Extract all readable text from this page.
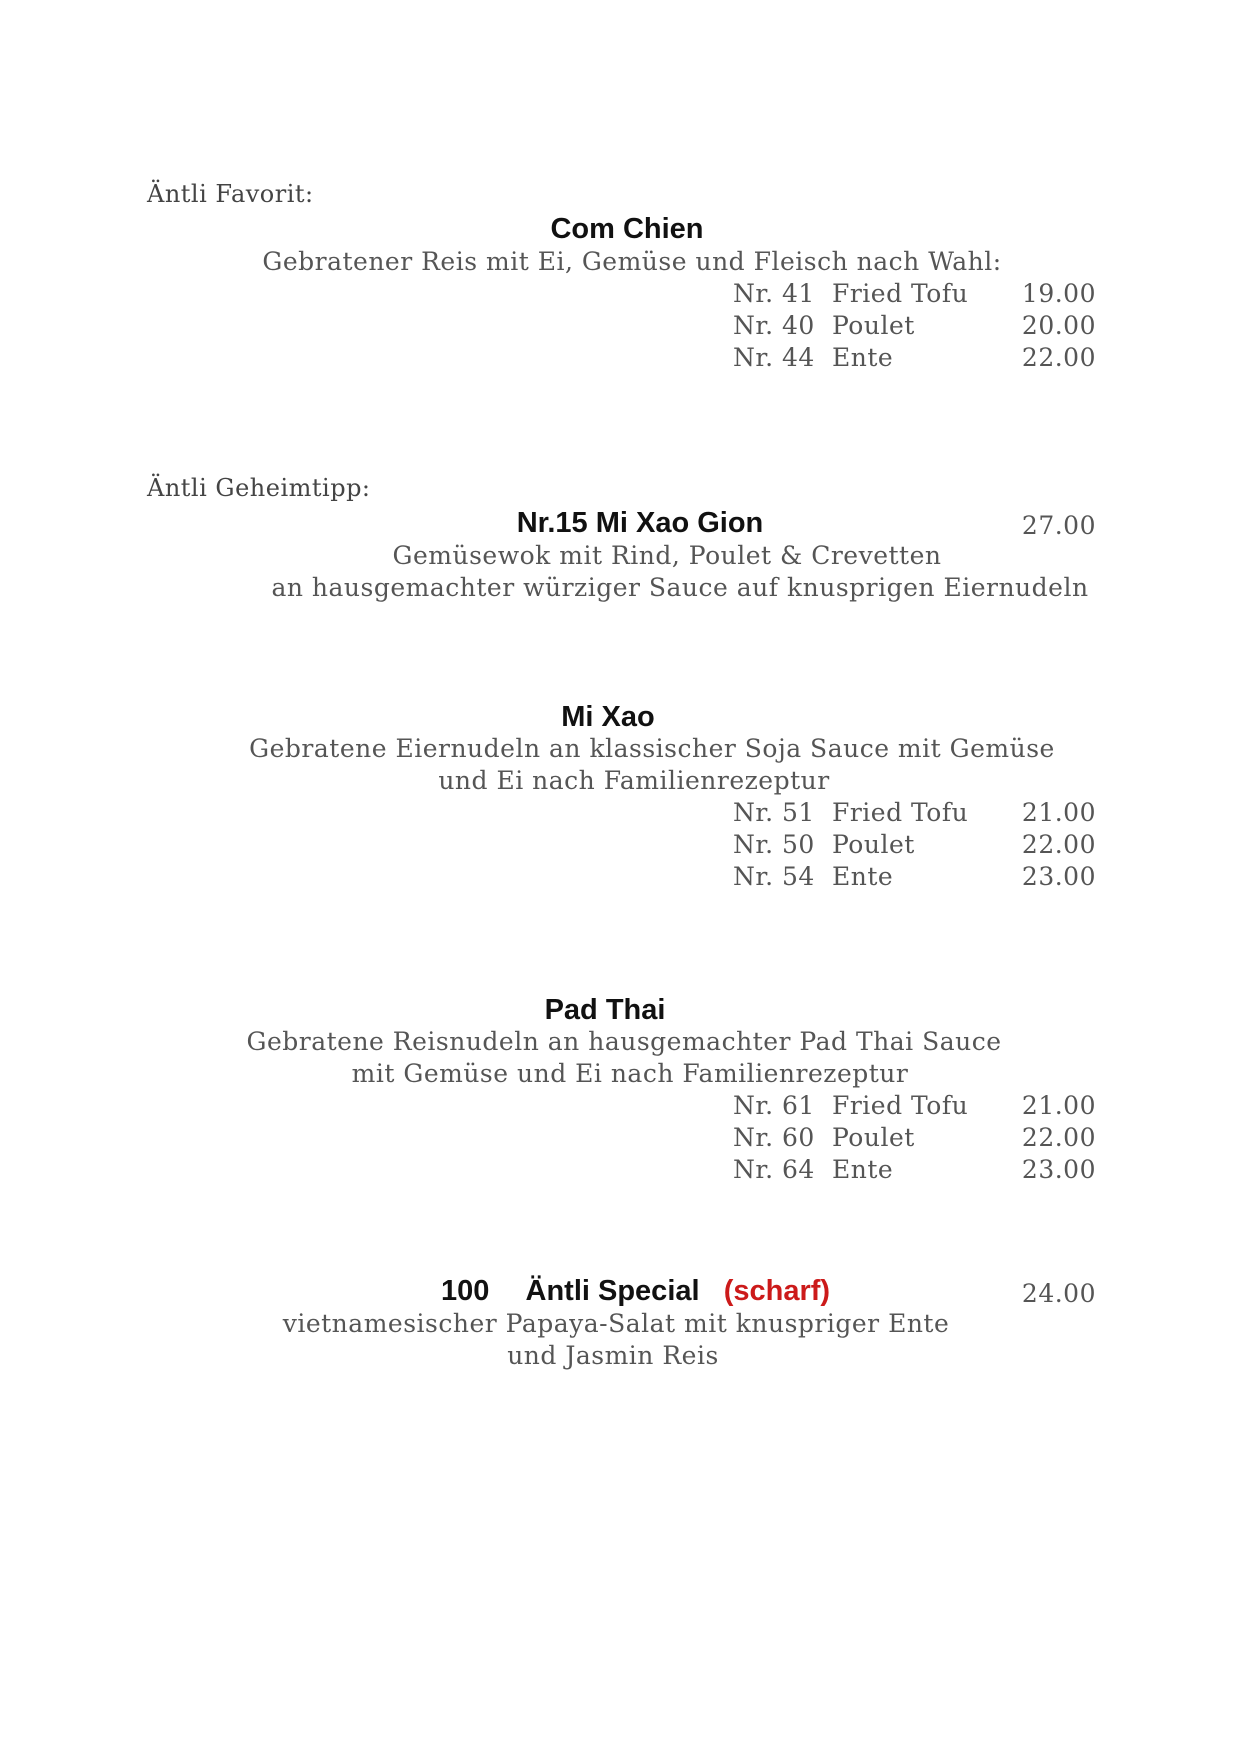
Äntli Favorit:
Com Chien
Gebratener Reis mit Ei, Gemüse und Fleisch nach Wahl:
Nr. 41 Fried Tofu 19.00
Nr. 40 Poulet	20.00
Nr. 44 Ente	22.00
Äntli Geheimtipp:
Nr.15 Mi Xao Gion	27.00
Gemüsewok mit Rind, Poulet & Crevetten
an hausgemachter würziger Sauce auf knusprigen Eiernudeln
Mi Xao
Gebratene Eiernudeln an klassischer Soja Sauce mit Gemüse
und Ei nach Familienrezeptur
Nr. 51 Fried Tofu 21.00
Nr. 50 Poulet	22.00
Nr. 54 Ente	23.00
Pad Thai
Gebratene Reisnudeln an hausgemachter Pad Thai Sauce
mit Gemüse und Ei nach Familienrezeptur
Nr. 61 Fried Tofu 21.00
Nr. 60 Poulet	22.00
Nr. 64 Ente	23.00
100 Äntli Special (scharf)	24.00
vietnamesischer Papaya-Salat mit knuspriger Ente
und Jasmin Reis
